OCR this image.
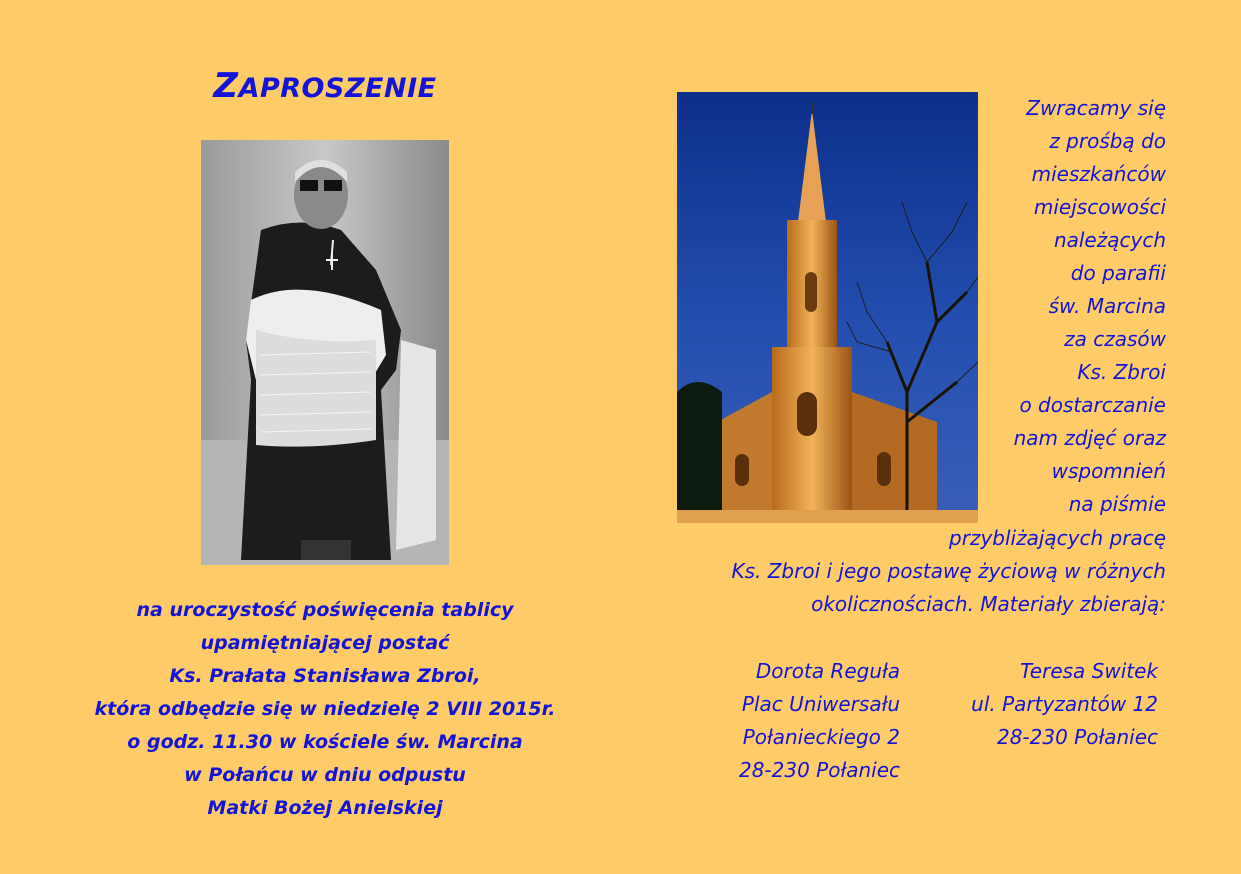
ZAPROSZENIE
na uroczystość poświęcenia tablicy
upamiętniającej postać
Ks. Prałata Stanisława Zbroi,
która odbędzie się w niedzielę 2 VIII 2015r.
o godz. 11.30 w kościele św. Marcina
w Połańcu w dniu odpustu
Matki Bożej Anielskiej
Zwracamy się
z prośbą do
mieszkańców
miejscowości
należących
do parafii
św. Marcina
za czasów
Ks. Zbroi
o dostarczanie
nam zdjęć oraz
wspomnień
na piśmie
przybliżających pracę
Ks. Zbroi i jego postawę życiową w różnych
okolicznościach. Materiały zbierają:
Dorota Reguła
Plac Uniwersału
Połanieckiego 2
28-230 Połaniec
Teresa Switek
ul. Partyzantów 12
28-230 Połaniec
